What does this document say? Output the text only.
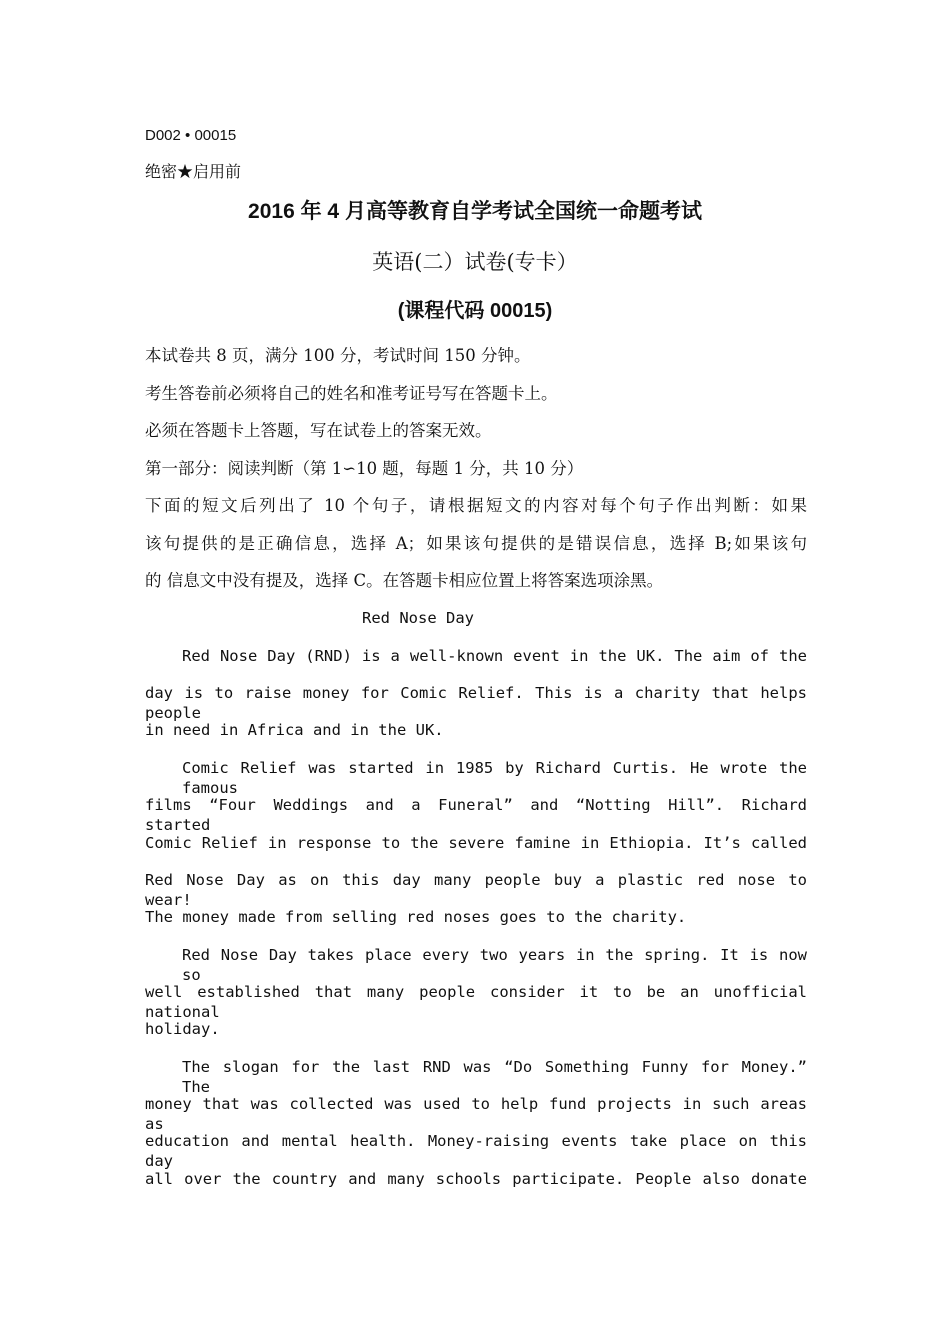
D002 • 00015
绝密★启用前
2016 年 4 月高等教育自学考试全国统一命题考试
英语(二）试卷(专卡）
(课程代码 00015)
本试卷共 8 页，满分 100 分，考试时间 150 分钟。
考生答卷前必须将自己的姓名和准考证号写在答题卡上。
必须在答题卡上答题，写在试卷上的答案无效。
第一部分：阅读判断（第 1∽10 题，每题 1 分，共 10 分）
下面的短文后列出了 10 个句子，请根据短文的内容对每个句子作出判断：如果
该句提供的是正确信息，选择 A；如果该句提供的是错误信息，选择 B;如果该句
的 信息文中没有提及，选择 C。在答题卡相应位置上将答案选项涂黑。
Red Nose Day
Red Nose Day (RND) is a well-known event in the UK. The aim of the
day is to raise money for Comic Relief. This is a charity that helps people
in need in Africa and in the UK.
Comic Relief was started in 1985 by Richard Curtis. He wrote the famous
films “Four Weddings and a Funeral” and “Notting Hill”. Richard started
Comic Relief in response to the severe famine in Ethiopia. It’s called
Red Nose Day as on this day many people buy a plastic red nose to wear!
The money made from selling red noses goes to the charity.
Red Nose Day takes place every two years in the spring. It is now so
well established that many people consider it to be an unofficial national
holiday.
The slogan for the last RND was “Do Something Funny for Money.” The
money that was collected was used to help fund projects in such areas as
education and mental health. Money-raising events take place on this day
all over the country and many schools participate. People also donate
